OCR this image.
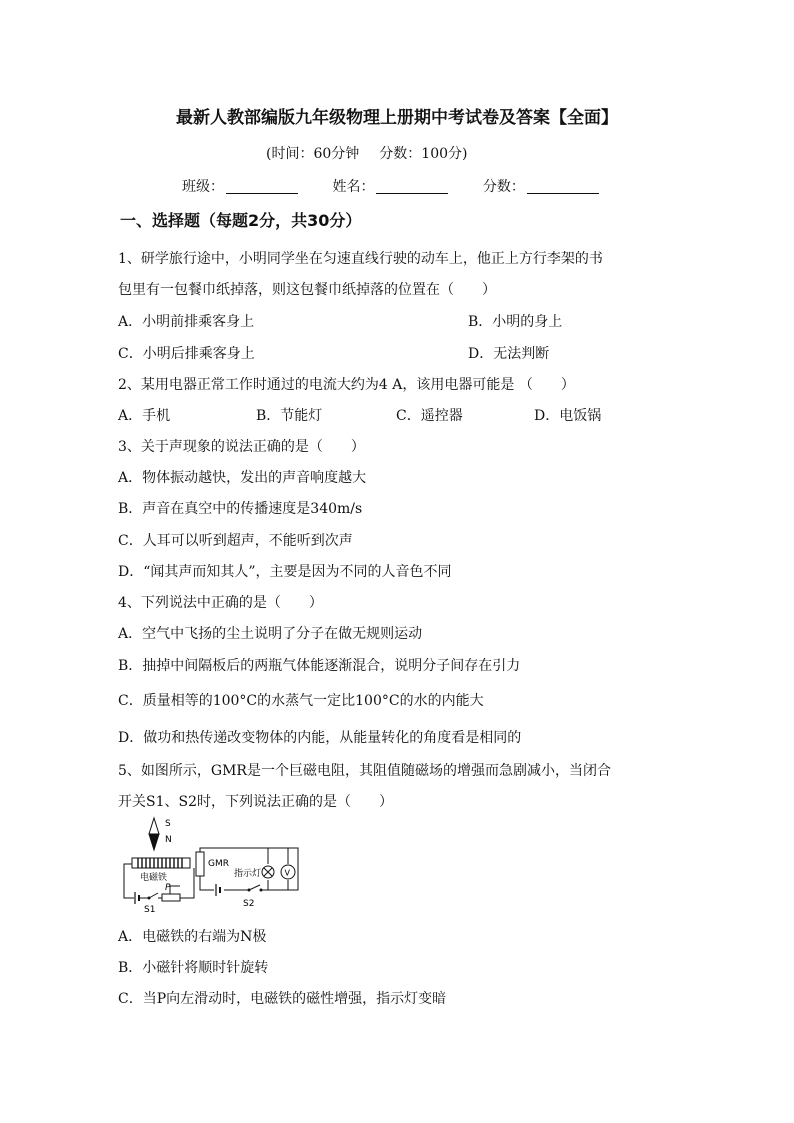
最新人教部编版九年级物理上册期中考试卷及答案【全面】
(时间：60分钟 分数：100分)
班级：	姓名：	分数：
一、选择题（每题2分，共30分）
1、研学旅行途中，小明同学坐在匀速直线行驶的动车上，他正上方行李架的书
包里有一包餐巾纸掉落，则这包餐巾纸掉落的位置在（　　）
A．小明前排乘客身上	B．小明的身上
C．小明后排乘客身上	D．无法判断
2、某用电器正常工作时通过的电流大约为4 A，该用电器可能是 （　　）
A．手机	B．节能灯	C．遥控器	D．电饭锅
3、关于声现象的说法正确的是（　　）
A．物体振动越快，发出的声音响度越大
B．声音在真空中的传播速度是340m/s
C．人耳可以听到超声，不能听到次声
D．“闻其声而知其人”，主要是因为不同的人音色不同
4、下列说法中正确的是（　　）
A．空气中飞扬的尘土说明了分子在做无规则运动
B．抽掉中间隔板后的两瓶气体能逐渐混合，说明分子间存在引力
C．质量相等的100°C的水蒸气一定比100°C的水的内能大
D．做功和热传递改变物体的内能，从能量转化的角度看是相同的
5、如图所示，GMR是一个巨磁电阻，其阻值随磁场的增强而急剧减小，当闭合
开关S1、S2时，下列说法正确的是（　　）
S
N
电磁铁
S1
P
GMR
指示灯	V
S2
A．电磁铁的右端为N极
B．小磁针将顺时针旋转
C．当P向左滑动时，电磁铁的磁性增强，指示灯变暗
